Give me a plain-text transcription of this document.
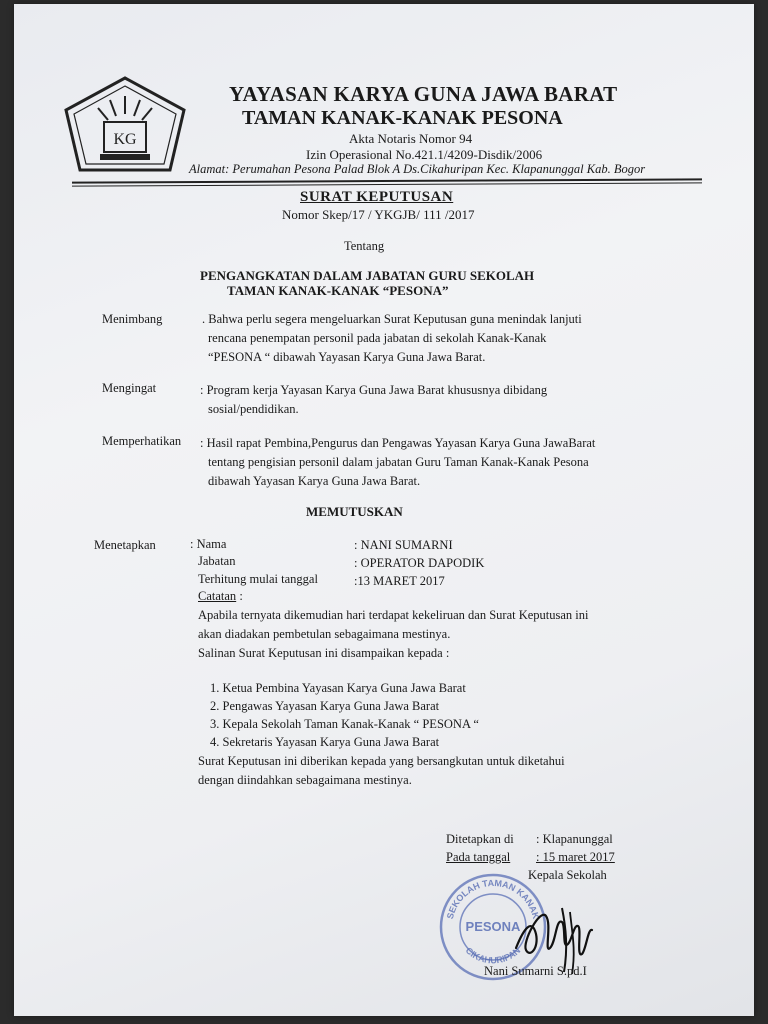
KG
YAYASAN KARYA GUNA JAWA BARAT
TAMAN KANAK-KANAK PESONA
Akta Notaris Nomor 94
Izin Operasional No.421.1/4209-Disdik/2006
Alamat: Perumahan Pesona Palad Blok A Ds.Cikahuripan Kec. Klapanunggal Kab. Bogor
SURAT KEPUTUSAN
Nomor Skep/17 / YKGJB/ 111 /2017
Tentang
PENGANGKATAN DALAM JABATAN GURU SEKOLAH
TAMAN KANAK-KANAK “PESONA”
Menimbang	. Bahwa perlu segera mengeluarkan Surat Keputusan guna menindak lanjuti
rencana penempatan personil pada jabatan di sekolah Kanak-Kanak
“PESONA “ dibawah Yayasan Karya Guna Jawa Barat.
Mengingat	: Program kerja Yayasan Karya Guna Jawa Barat khususnya dibidang
sosial/pendidikan.
Memperhatikan : Hasil rapat Pembina,Pengurus dan Pengawas Yayasan Karya Guna JawaBarat
tentang pengisian personil dalam jabatan Guru Taman Kanak-Kanak Pesona
dibawah Yayasan Karya Guna Jawa Barat.
MEMUTUSKAN
Menetapkan	: Nama	: NANI SUMARNI
Jabatan	: OPERATOR DAPODIK
Terhitung mulai tanggal	:13 MARET 2017
Catatan :
Apabila ternyata dikemudian hari terdapat kekeliruan dan Surat Keputusan ini
akan diadakan pembetulan sebagaimana mestinya.
Salinan Surat Keputusan ini disampaikan kepada :
1. Ketua Pembina Yayasan Karya Guna Jawa Barat
2. Pengawas Yayasan Karya Guna Jawa Barat
3. Kepala Sekolah Taman Kanak-Kanak “ PESONA “
4. Sekretaris Yayasan Karya Guna Jawa Barat
Surat Keputusan ini diberikan kepada yang bersangkutan untuk diketahui
dengan diindahkan sebagaimana mestinya.
Ditetapkan di : Klapanunggal
Pada tanggal : 15 maret 2017
Kepala Sekolah
SEKOLAH TAMAN KANAK
PESONA
CIKAHURIPAN
Nani Sumarni S.pd.I
